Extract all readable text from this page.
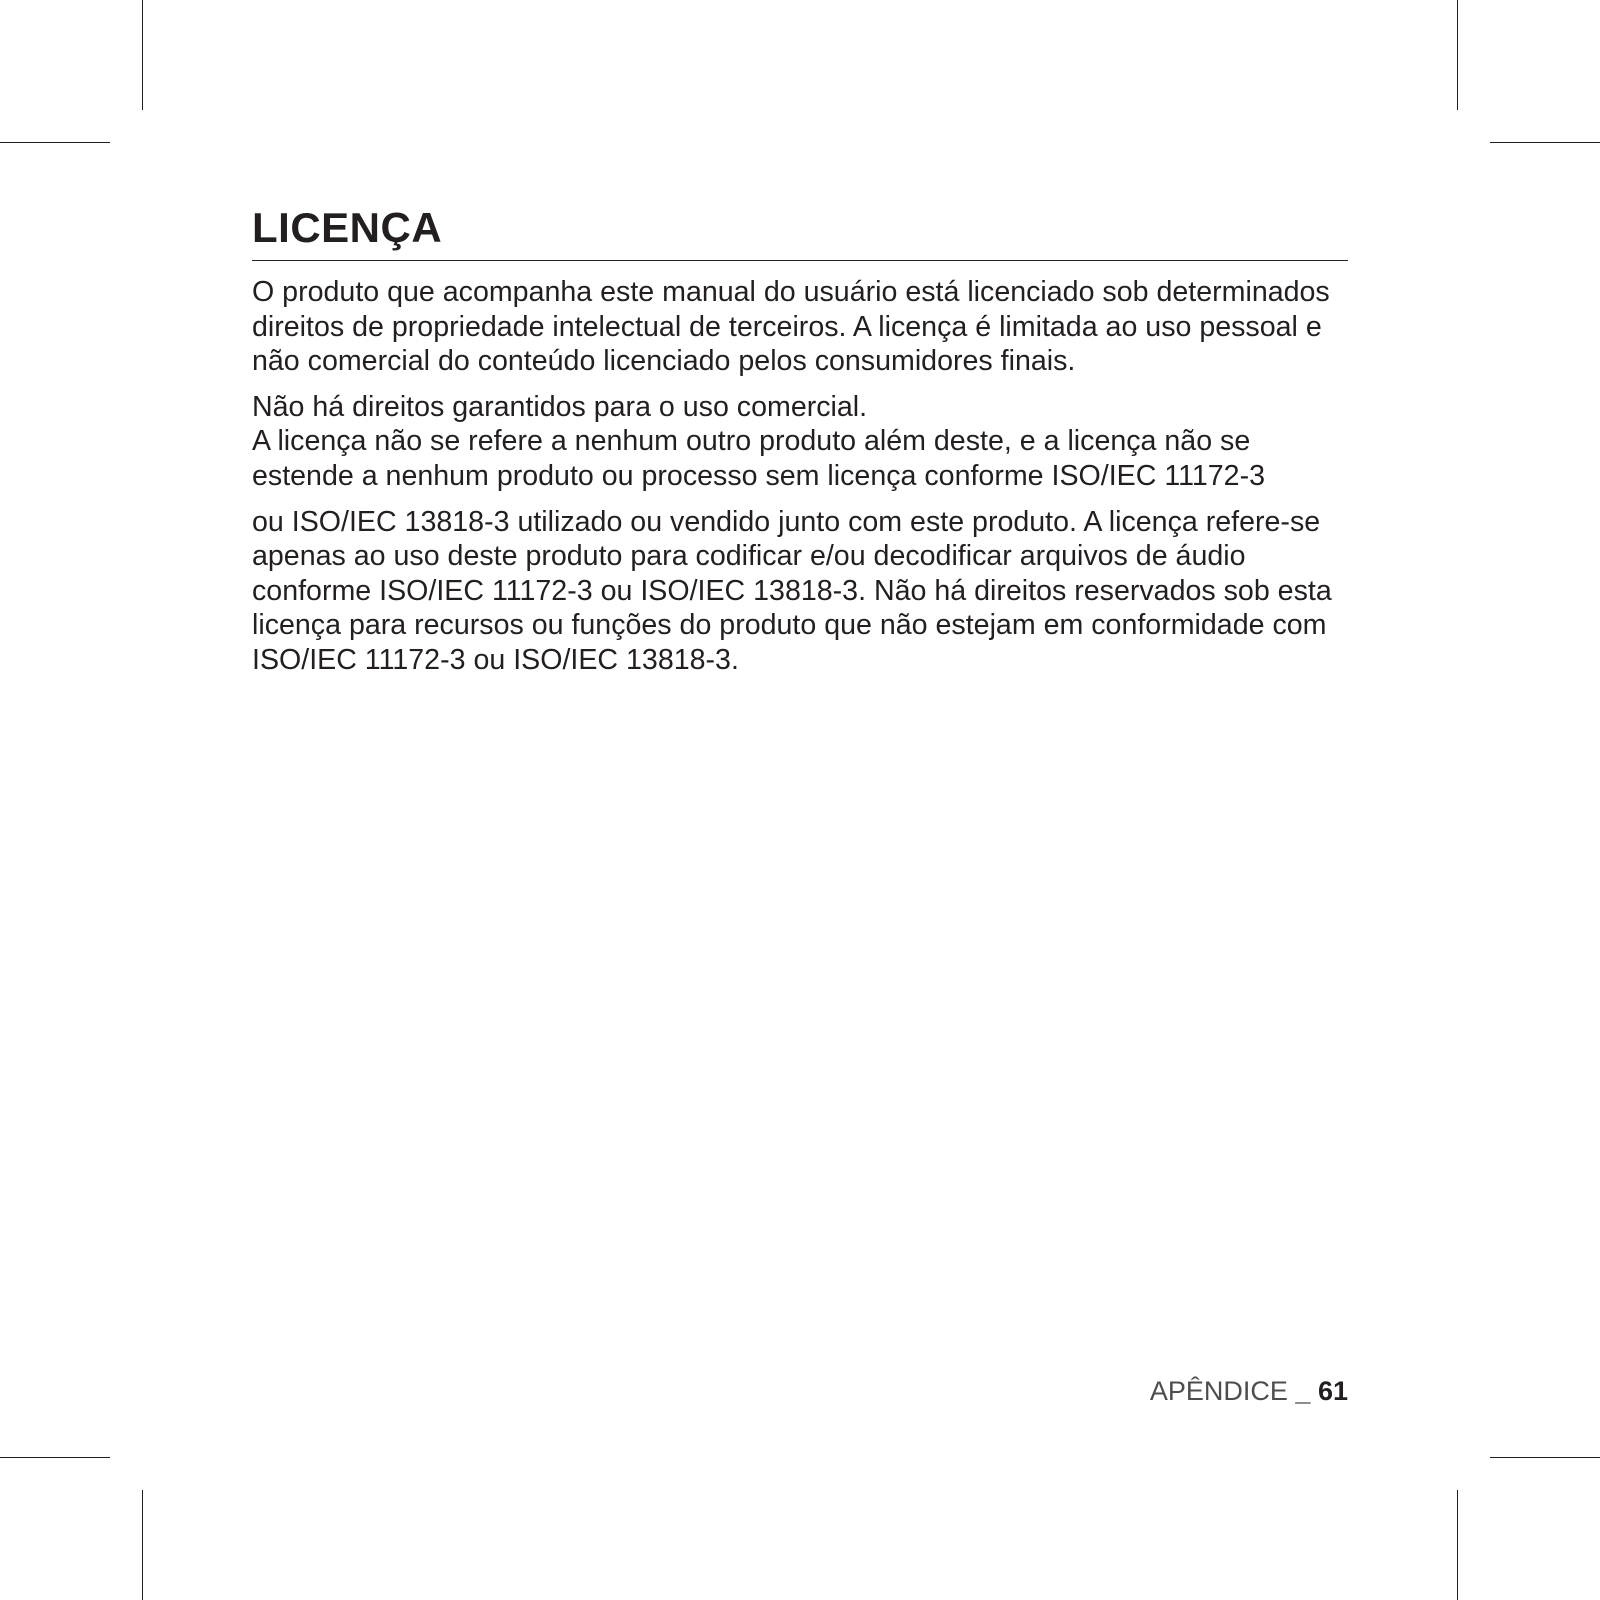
LICENÇA

O produto que acompanha este manual do usuário está licenciado sob determinados direitos de propriedade intelectual de terceiros. A licença é limitada ao uso pessoal e não comercial do conteúdo licenciado pelos consumidores finais.

Não há direitos garantidos para o uso comercial.

A licença não se refere a nenhum outro produto além deste, e a licença não se estende a nenhum produto ou processo sem licença conforme ISO/IEC 11172-3

ou ISO/IEC 13818-3 utilizado ou vendido junto com este produto. A licença refere-se apenas ao uso deste produto para codificar e/ou decodificar arquivos de áudio conforme ISO/IEC 11172-3 ou ISO/IEC 13818-3. Não há direitos reservados sob esta licença para recursos ou funções do produto que não estejam em conformidade com ISO/IEC 11172-3 ou ISO/IEC 13818-3.

APÊNDICE _ 61
